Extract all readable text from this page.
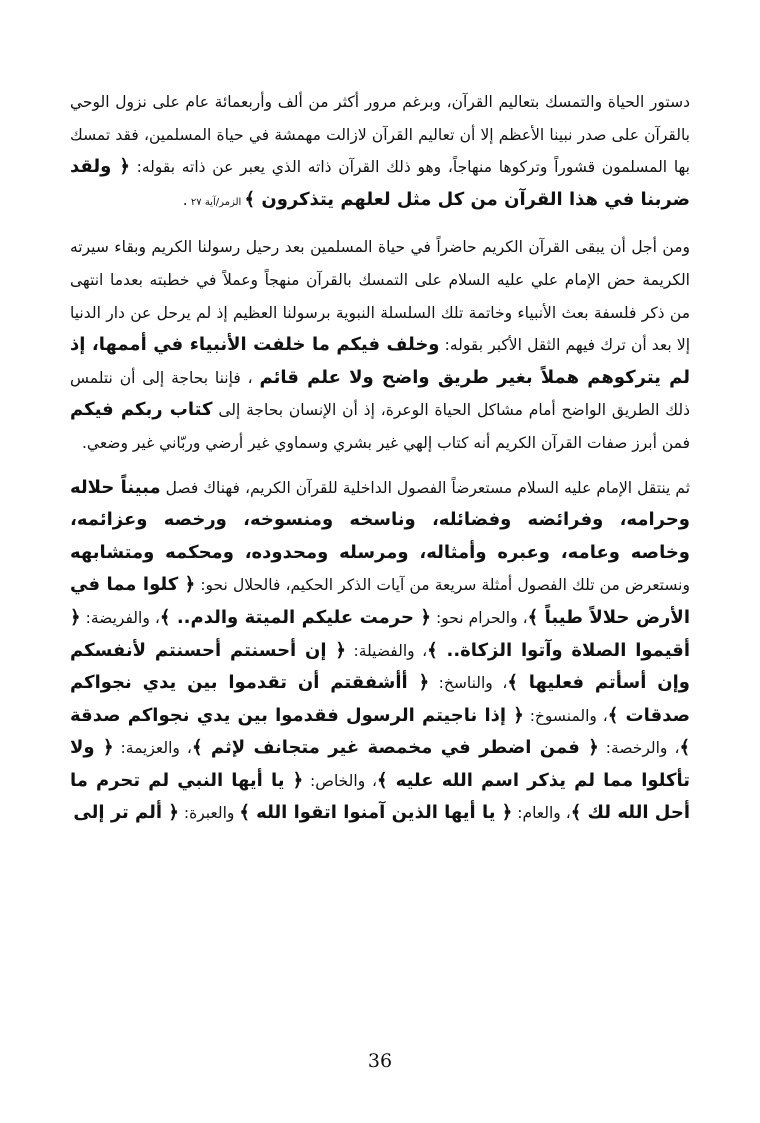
دستور الحياة والتمسك بتعاليم القرآن، وبرغم مرور أكثر من ألف وأربعمائة عام على نزول الوحي بالقرآن على صدر نبينا الأعظم إلا أن تعاليم القرآن لازالت مهمشة في حياة المسلمين، فقد تمسك بها المسلمون قشوراً وتركوها منهاجاً، وهو ذلك القرآن ذاته الذي يعبر عن ذاته بقوله: ﴿ ولقد ضربنا في هذا القرآن من كل مثل لعلهم يتذكرون ﴾ الزمر/آية ٢٧ .

ومن أجل أن يبقى القرآن الكريم حاضراً في حياة المسلمين بعد رحيل رسولنا الكريم وبقاء سيرته الكريمة حض الإمام علي عليه السلام على التمسك بالقرآن منهجاً وعملاً في خطبته بعدما انتهى من ذكر فلسفة بعث الأنبياء وخاتمة تلك السلسلة النبوية برسولنا العظيم إذ لم يرحل عن دار الدنيا إلا بعد أن ترك فيهم الثقل الأكبر بقوله: وخلف فيكم ما خلفت الأنبياء في أممها، إذ لم يتركوهم هملاً بغير طريق واضح ولا علم قائم ، فإننا بحاجة إلى أن نتلمس ذلك الطريق الواضح أمام مشاكل الحياة الوعرة، إذ أن الإنسان بحاجة إلى كتاب ربكم فيكم فمن أبرز صفات القرآن الكريم أنه كتاب إلهي غير بشري وسماوي غير أرضي وربّاني غير وضعي.

ثم ينتقل الإمام عليه السلام مستعرضاً الفصول الداخلية للقرآن الكريم، فهناك فصل مبيناً حلاله وحرامه، وفرائضه وفضائله، وناسخه ومنسوخه، ورخصه وعزائمه، وخاصه وعامه، وعبره وأمثاله، ومرسله ومحدوده، ومحكمه ومتشابهه ونستعرض من تلك الفصول أمثلة سريعة من آيات الذكر الحكيم، فالحلال نحو: ﴿ كلوا مما في الأرض حلالاً طيباً ﴾، والحرام نحو: ﴿ حرمت عليكم الميتة والدم.. ﴾، والفريضة: ﴿ أقيموا الصلاة وآتوا الزكاة.. ﴾، والفضيلة: ﴿ إن أحسنتم أحسنتم لأنفسكم وإن أسأتم فعليها ﴾، والناسخ: ﴿ أأشفقتم أن تقدموا بين يدي نجواكم صدقات ﴾، والمنسوخ: ﴿ إذا ناجيتم الرسول فقدموا بين يدي نجواكم صدقة ﴾، والرخصة: ﴿ فمن اضطر في مخمصة غير متجانف لإثم ﴾، والعزيمة: ﴿ ولا تأكلوا مما لم يذكر اسم الله عليه ﴾، والخاص: ﴿ يا أيها النبي لم تحرم ما أحل الله لك ﴾، والعام: ﴿ يا أيها الذين آمنوا اتقوا الله ﴾ والعبرة: ﴿ ألم تر إلى

36
